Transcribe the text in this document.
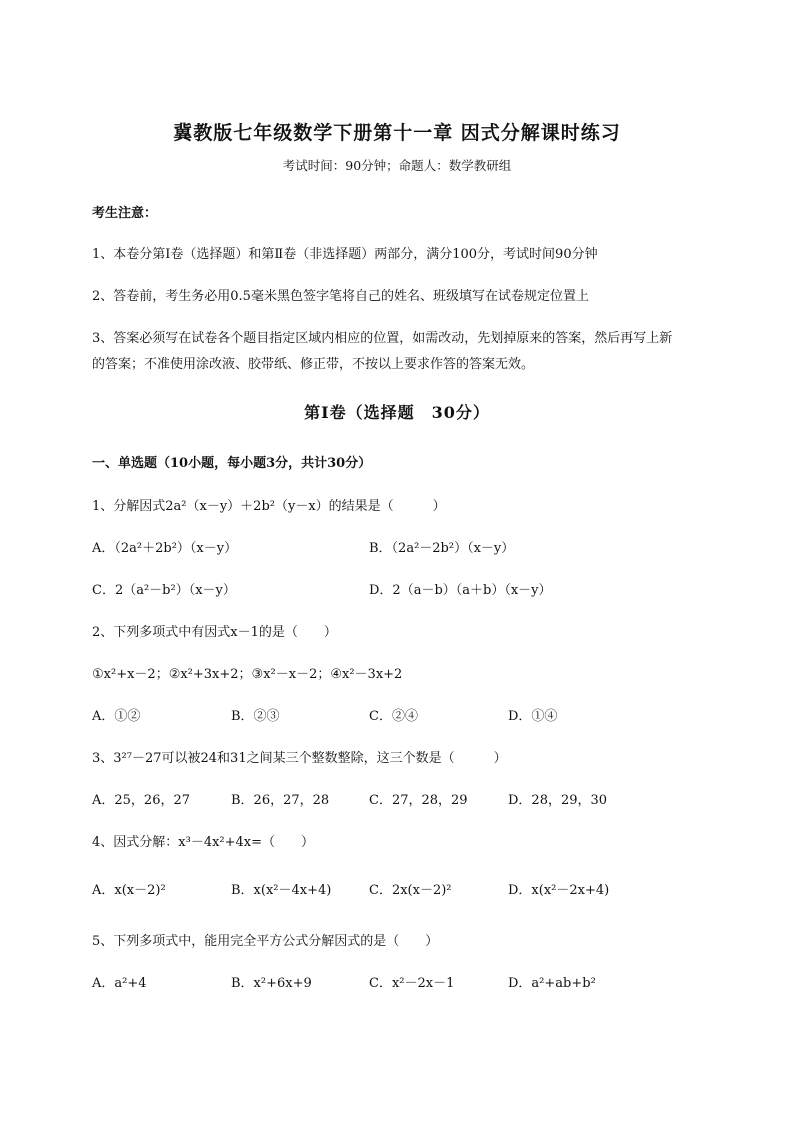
冀教版七年级数学下册第十一章 因式分解课时练习
考试时间：90分钟；命题人：数学教研组
考生注意：
1、本卷分第I卷（选择题）和第Ⅱ卷（非选择题）两部分，满分100分，考试时间90分钟
2、答卷前，考生务必用0.5毫米黑色签字笔将自己的姓名、班级填写在试卷规定位置上
3、答案必须写在试卷各个题目指定区域内相应的位置，如需改动，先划掉原来的答案，然后再写上新
的答案；不准使用涂改液、胶带纸、修正带，不按以上要求作答的答案无效。
第I卷（选择题　30分）
一、单选题（10小题，每小题3分，共计30分）
1、分解因式2a²（x－y）＋2b²（y－x）的结果是（　　　）
A．（2a²＋2b²）（x－y）	B．（2a²－2b²）（x－y）
C．2（a²－b²）（x－y）	D．2（a－b）（a＋b）（x－y）
2、下列多项式中有因式x－1的是（　　）
①x²+x－2；②x²+3x+2；③x²－x－2；④x²－3x+2
A．①②	B．②③	C．②④	D．①④
3、3²⁷－27可以被24和31之间某三个整数整除，这三个数是（　　　）
A．25，26，27	B．26，27，28	C．27，28，29	D．28，29，30
4、因式分解：x³－4x²+4x=（　　）
A．x(x－2)²	B．x(x²－4x+4)	C．2x(x－2)²	D．x(x²－2x+4)
5、下列多项式中，能用完全平方公式分解因式的是（　　）
A．a²+4	B．x²+6x+9	C．x²－2x－1	D．a²+ab+b²
